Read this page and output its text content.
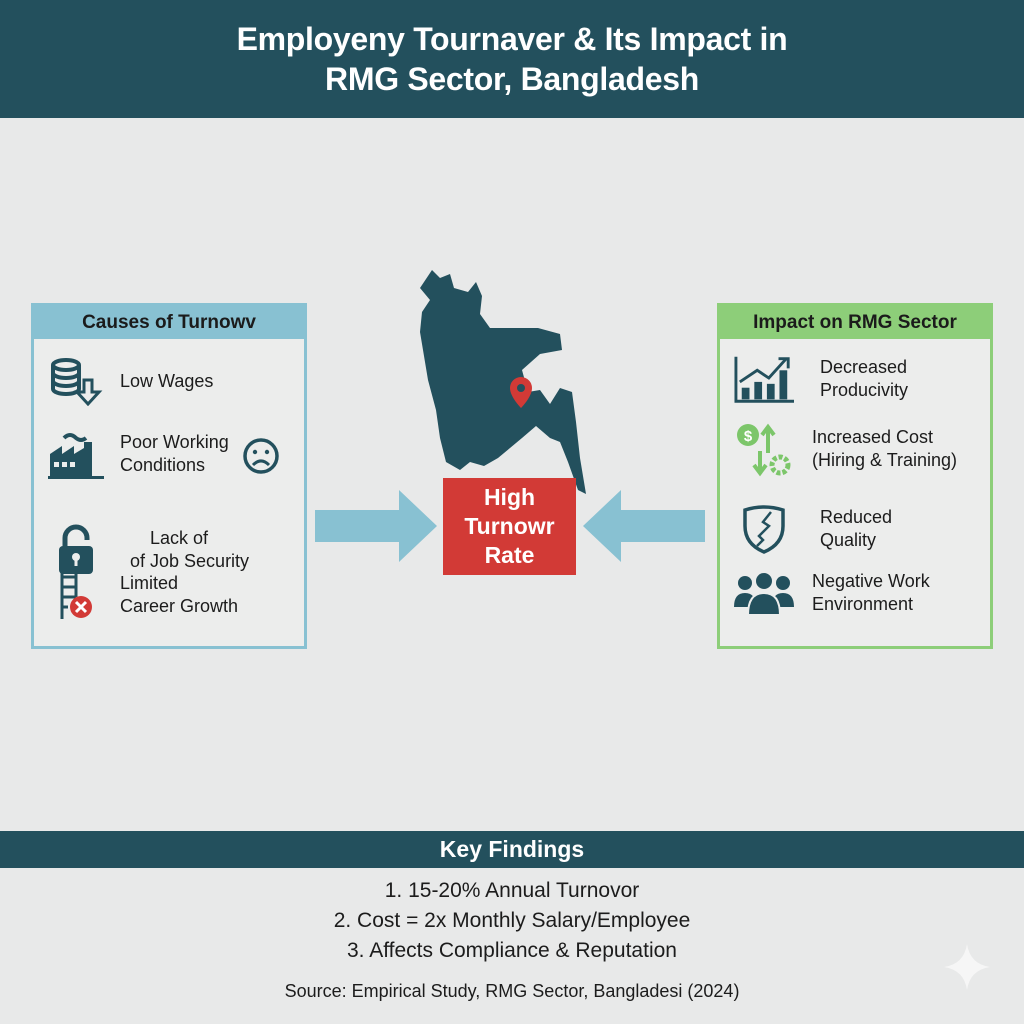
Employeny Tournaver & Its Impact in
RMG Sector, Bangladesh
Causes of Turnowv
Low Wages
Poor Working
Conditions

Lack of
of Job Security

Limited
Career Growth
High
Turnowr
Rate
Impact on RMG Sector
Decreased
Producivity
$	Increased Cost
(Hiring & Training)
Reduced
Quality
Negative Work
Environment
Key Findings
1. 15-20% Annual Turnovor
2. Cost = 2x Monthly Salary/Employee
3. Affects Compliance & Reputation
Source: Empirical Study, RMG Sector, Bangladesi (2024)
